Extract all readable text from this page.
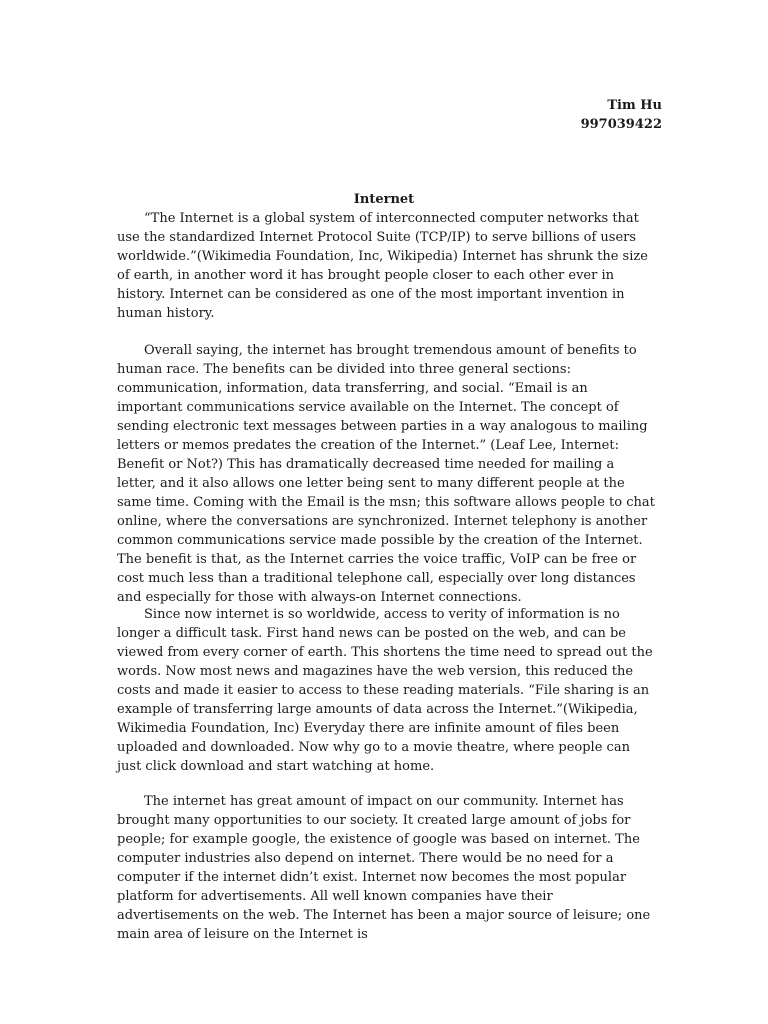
Tim Hu
997039422
Internet

“The Internet is a global system of interconnected computer networks that use the standardized Internet Protocol Suite (TCP/IP) to serve billions of users worldwide.”(Wikimedia Foundation, Inc, Wikipedia) Internet has shrunk the size of earth, in another word it has brought people closer to each other ever in history. Internet can be considered as one of the most important invention in human history.

Overall saying, the internet has brought tremendous amount of benefits to human race. The benefits can be divided into three general sections: communication, information, data transferring, and social. “Email is an important communications service available on the Internet. The concept of sending electronic text messages between parties in a way analogous to mailing letters or memos predates the creation of the Internet.” (Leaf Lee, Internet: Benefit or Not?) This has dramatically decreased time needed for mailing a letter, and it also allows one letter being sent to many different people at the same time. Coming with the Email is the msn; this software allows people to chat online, where the conversations are synchronized. Internet telephony is another common communications service made possible by the creation of the Internet. The benefit is that, as the Internet carries the voice traffic, VoIP can be free or cost much less than a traditional telephone call, especially over long distances and especially for those with always-on Internet connections.

Since now internet is so worldwide, access to verity of information is no longer a difficult task. First hand news can be posted on the web, and can be viewed from every corner of earth. This shortens the time need to spread out the words. Now most news and magazines have the web version, this reduced the costs and made it easier to access to these reading materials. “File sharing is an example of transferring large amounts of data across the Internet.”(Wikipedia, Wikimedia Foundation, Inc) Everyday there are infinite amount of files been uploaded and downloaded. Now why go to a movie theatre, where people can just click download and start watching at home.

The internet has great amount of impact on our community. Internet has brought many opportunities to our society. It created large amount of jobs for people; for example google, the existence of google was based on internet. The computer industries also depend on internet. There would be no need for a computer if the internet didn’t exist. Internet now becomes the most popular platform for advertisements. All well known companies have their advertisements on the web. The Internet has been a major source of leisure; one main area of leisure on the Internet is
